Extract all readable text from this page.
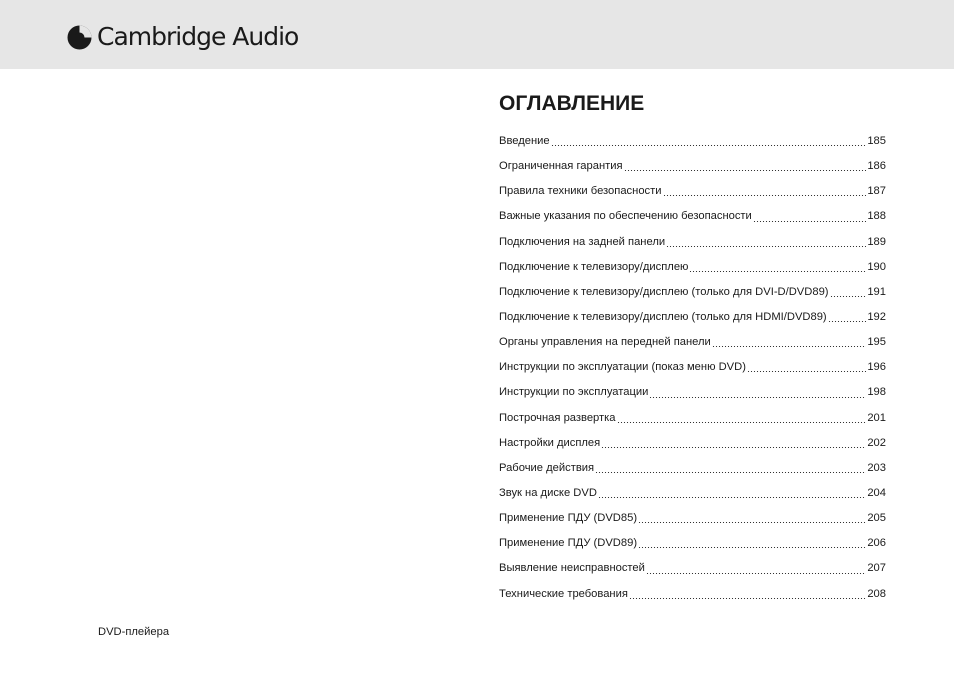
Cambridge Audio
ОГЛАВЛЕНИЕ
Введение	185
Ограниченная гарантия	186
Правила техники безопасности	187
Важные указания по обеспечению безопасности	188
Подключения на задней панели	189
Подключение к телевизору/дисплею	190
Подключение к телевизору/дисплею (только для DVI-D/DVD89)	191
Подключение к телевизору/дисплею (только для HDMI/DVD89)	192
Органы управления на передней панели	195
Инструкции по эксплуатации (показ меню DVD)	196
Инструкции по эксплуатации	198
Построчная развертка	201
Настройки дисплея	202
Рабочие действия	203
Звук на диске DVD	204
Применение ПДУ (DVD85)	205
Применение ПДУ (DVD89)	206
Выявление неисправностей	207
Технические требования	208
DVD-плейера
